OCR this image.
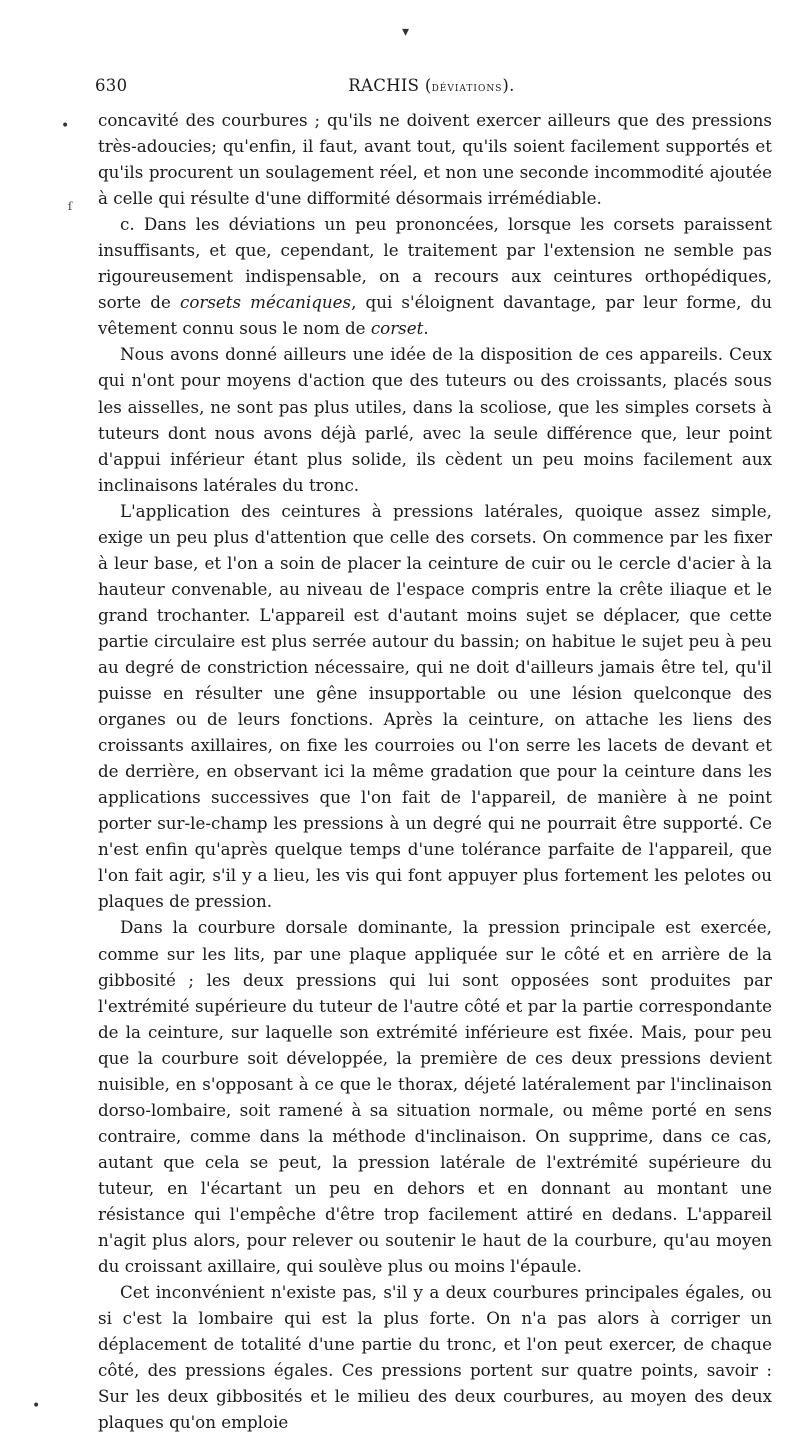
▾
630	RACHIS (déviations).
•
ſ
•

concavité des courbures ; qu'ils ne doivent exercer ailleurs que des pressions très-adoucies; qu'enfin, il faut, avant tout, qu'ils soient facilement supportés et qu'ils procurent un soulagement réel, et non une seconde incommodité ajoutée à celle qui résulte d'une difformité désormais irrémédiable.

c. Dans les déviations un peu prononcées, lorsque les corsets paraissent insuffisants, et que, cependant, le traitement par l'extension ne semble pas rigoureusement indispensable, on a recours aux ceintures orthopédiques, sorte de corsets mécaniques, qui s'éloignent davantage, par leur forme, du vêtement connu sous le nom de corset.

Nous avons donné ailleurs une idée de la disposition de ces appareils. Ceux qui n'ont pour moyens d'action que des tuteurs ou des croissants, placés sous les aisselles, ne sont pas plus utiles, dans la scoliose, que les simples corsets à tuteurs dont nous avons déjà parlé, avec la seule différence que, leur point d'appui inférieur étant plus solide, ils cèdent un peu moins facilement aux inclinaisons latérales du tronc.

L'application des ceintures à pressions latérales, quoique assez simple, exige un peu plus d'attention que celle des corsets. On commence par les fixer à leur base, et l'on a soin de placer la ceinture de cuir ou le cercle d'acier à la hauteur convenable, au niveau de l'espace compris entre la crête iliaque et le grand trochanter. L'appareil est d'autant moins sujet se déplacer, que cette partie circulaire est plus serrée autour du bassin; on habitue le sujet peu à peu au degré de constriction nécessaire, qui ne doit d'ailleurs jamais être tel, qu'il puisse en résulter une gêne insupportable ou une lésion quelconque des organes ou de leurs fonctions. Après la ceinture, on attache les liens des croissants axillaires, on fixe les courroies ou l'on serre les lacets de devant et de derrière, en observant ici la même gradation que pour la ceinture dans les applications successives que l'on fait de l'appareil, de manière à ne point porter sur-le-champ les pressions à un degré qui ne pourrait être supporté. Ce n'est enfin qu'après quelque temps d'une tolérance parfaite de l'appareil, que l'on fait agir, s'il y a lieu, les vis qui font appuyer plus fortement les pelotes ou plaques de pression.

Dans la courbure dorsale dominante, la pression principale est exercée, comme sur les lits, par une plaque appliquée sur le côté et en arrière de la gibbosité ; les deux pressions qui lui sont opposées sont produites par l'extrémité supérieure du tuteur de l'autre côté et par la partie correspondante de la ceinture, sur laquelle son extrémité inférieure est fixée. Mais, pour peu que la courbure soit développée, la première de ces deux pressions devient nuisible, en s'opposant à ce que le thorax, déjeté latéralement par l'inclinaison dorso-lombaire, soit ramené à sa situation normale, ou même porté en sens contraire, comme dans la méthode d'inclinaison. On supprime, dans ce cas, autant que cela se peut, la pression latérale de l'extrémité supérieure du tuteur, en l'écartant un peu en dehors et en donnant au montant une résistance qui l'empêche d'être trop facilement attiré en dedans. L'appareil n'agit plus alors, pour relever ou soutenir le haut de la courbure, qu'au moyen du croissant axillaire, qui soulève plus ou moins l'épaule.

Cet inconvénient n'existe pas, s'il y a deux courbures principales égales, ou si c'est la lombaire qui est la plus forte. On n'a pas alors à corriger un déplacement de totalité d'une partie du tronc, et l'on peut exercer, de chaque côté, des pressions égales. Ces pressions portent sur quatre points, savoir : Sur les deux gibbosités et le milieu des deux courbures, au moyen des deux plaques qu'on emploie
